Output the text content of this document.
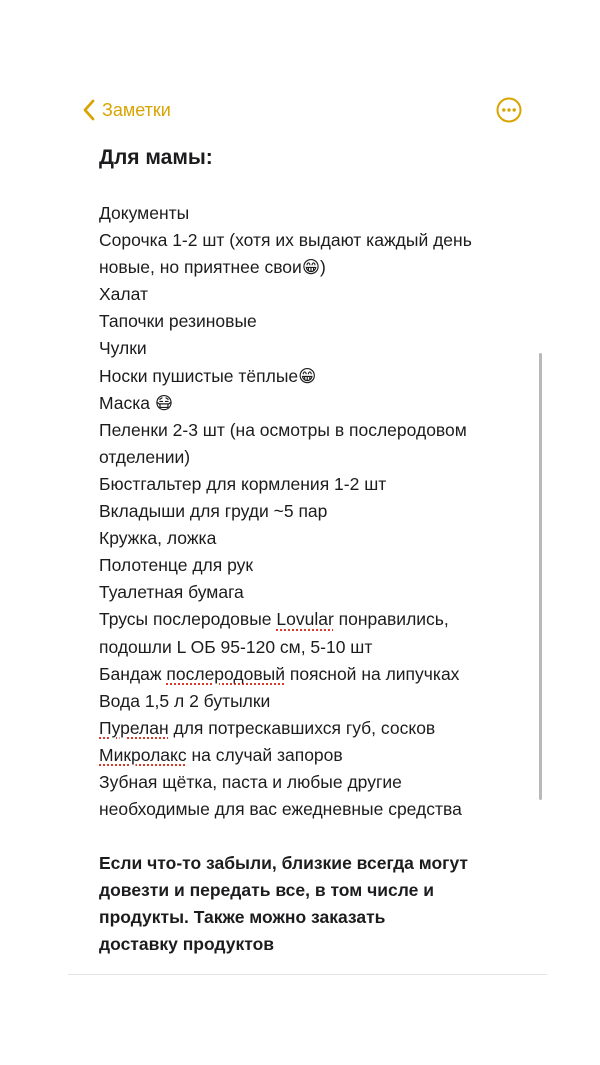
Заметки
Для мамы:
Документы
Сорочка 1-2 шт (хотя их выдают каждый день
новые, но приятнее свои😁)
Халат
Тапочки резиновые
Чулки
Носки пушистые тёплые😁
Маска 😷
Пеленки 2-3 шт (на осмотры в послеродовом
отделении)
Бюстгальтер для кормления 1-2 шт
Вкладыши для груди ~5 пар
Кружка, ложка
Полотенце для рук
Туалетная бумага
Трусы послеродовые Lovular понравились,
подошли L ОБ 95-120 см, 5-10 шт
Бандаж послеродовый поясной на липучках
Вода 1,5 л 2 бутылки
Пурелан для потрескавшихся губ, сосков
Микролакс на случай запоров
Зубная щётка, паста и любые другие
необходимые для вас ежедневные средства
Если что-то забыли, близкие всегда могут
довезти и передать все, в том числе и
продукты. Также можно заказать
доставку продуктов
